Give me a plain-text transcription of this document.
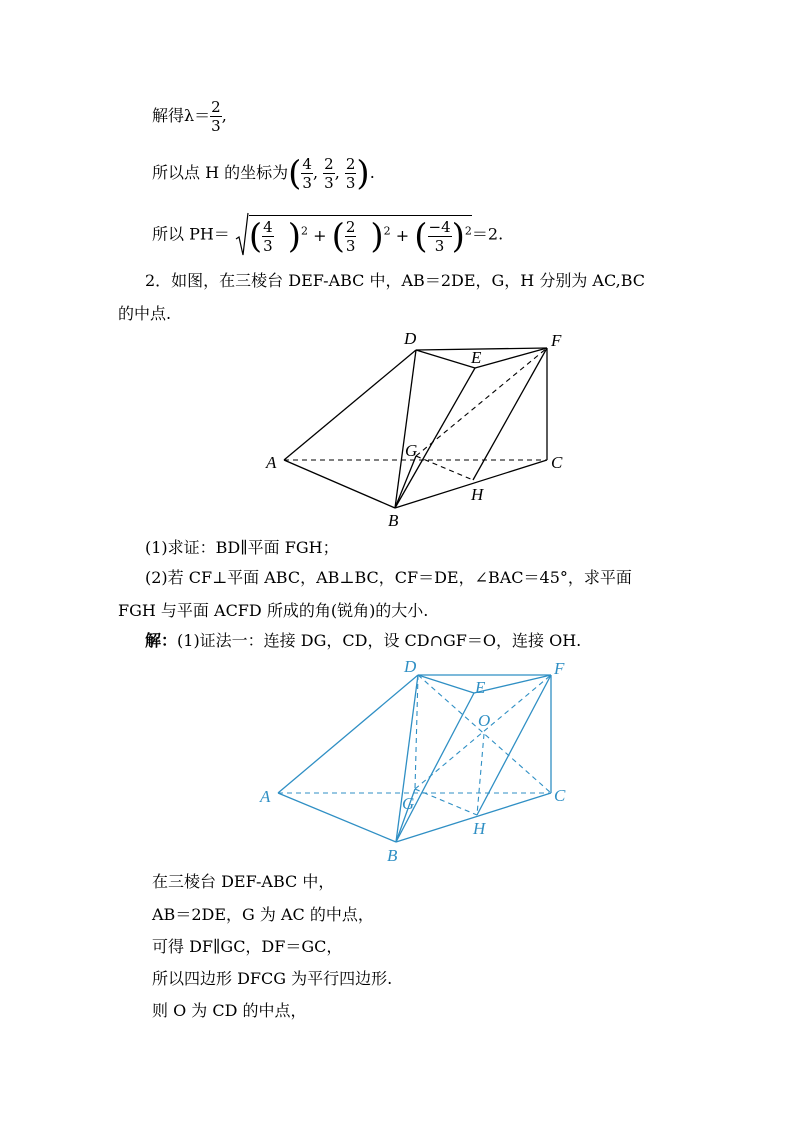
解得$\lambda= \frac{2}{3}$ ,
所以点 H 的坐标为( $\frac{4}{3}$ , $\frac{2}{3}$ , $\frac{2}{3}$ ).
所以 PH＝ ( $\frac{4}{3} )^2$ + ( $\frac{2}{3} )^2$ + ( $\frac{-4}{3} )^2=2$.
2．如图，在三棱台 DEF-ABC 中，AB＝2DE，G，H 分别为 AC,BC
的中点.
D
E
F
A
G
C
H
B
(1)求证：BD∥平面 FGH；
(2)若 CF⊥平面 ABC，AB⊥BC，CF＝DE，∠BAC＝45°，求平面
FGH 与平面 ACFD 所成的角(锐角)的大小.
解：(1)证法一：连接 DG，CD，设 CD∩GF＝O，连接 OH.
D
E
F
O
A	G	C
H
B
在三棱台 DEF-ABC 中，
AB＝2DE，G 为 AC 的中点，
可得 DF∥GC，DF＝GC，
所以四边形 DFCG 为平行四边形.
则 O 为 CD 的中点，
